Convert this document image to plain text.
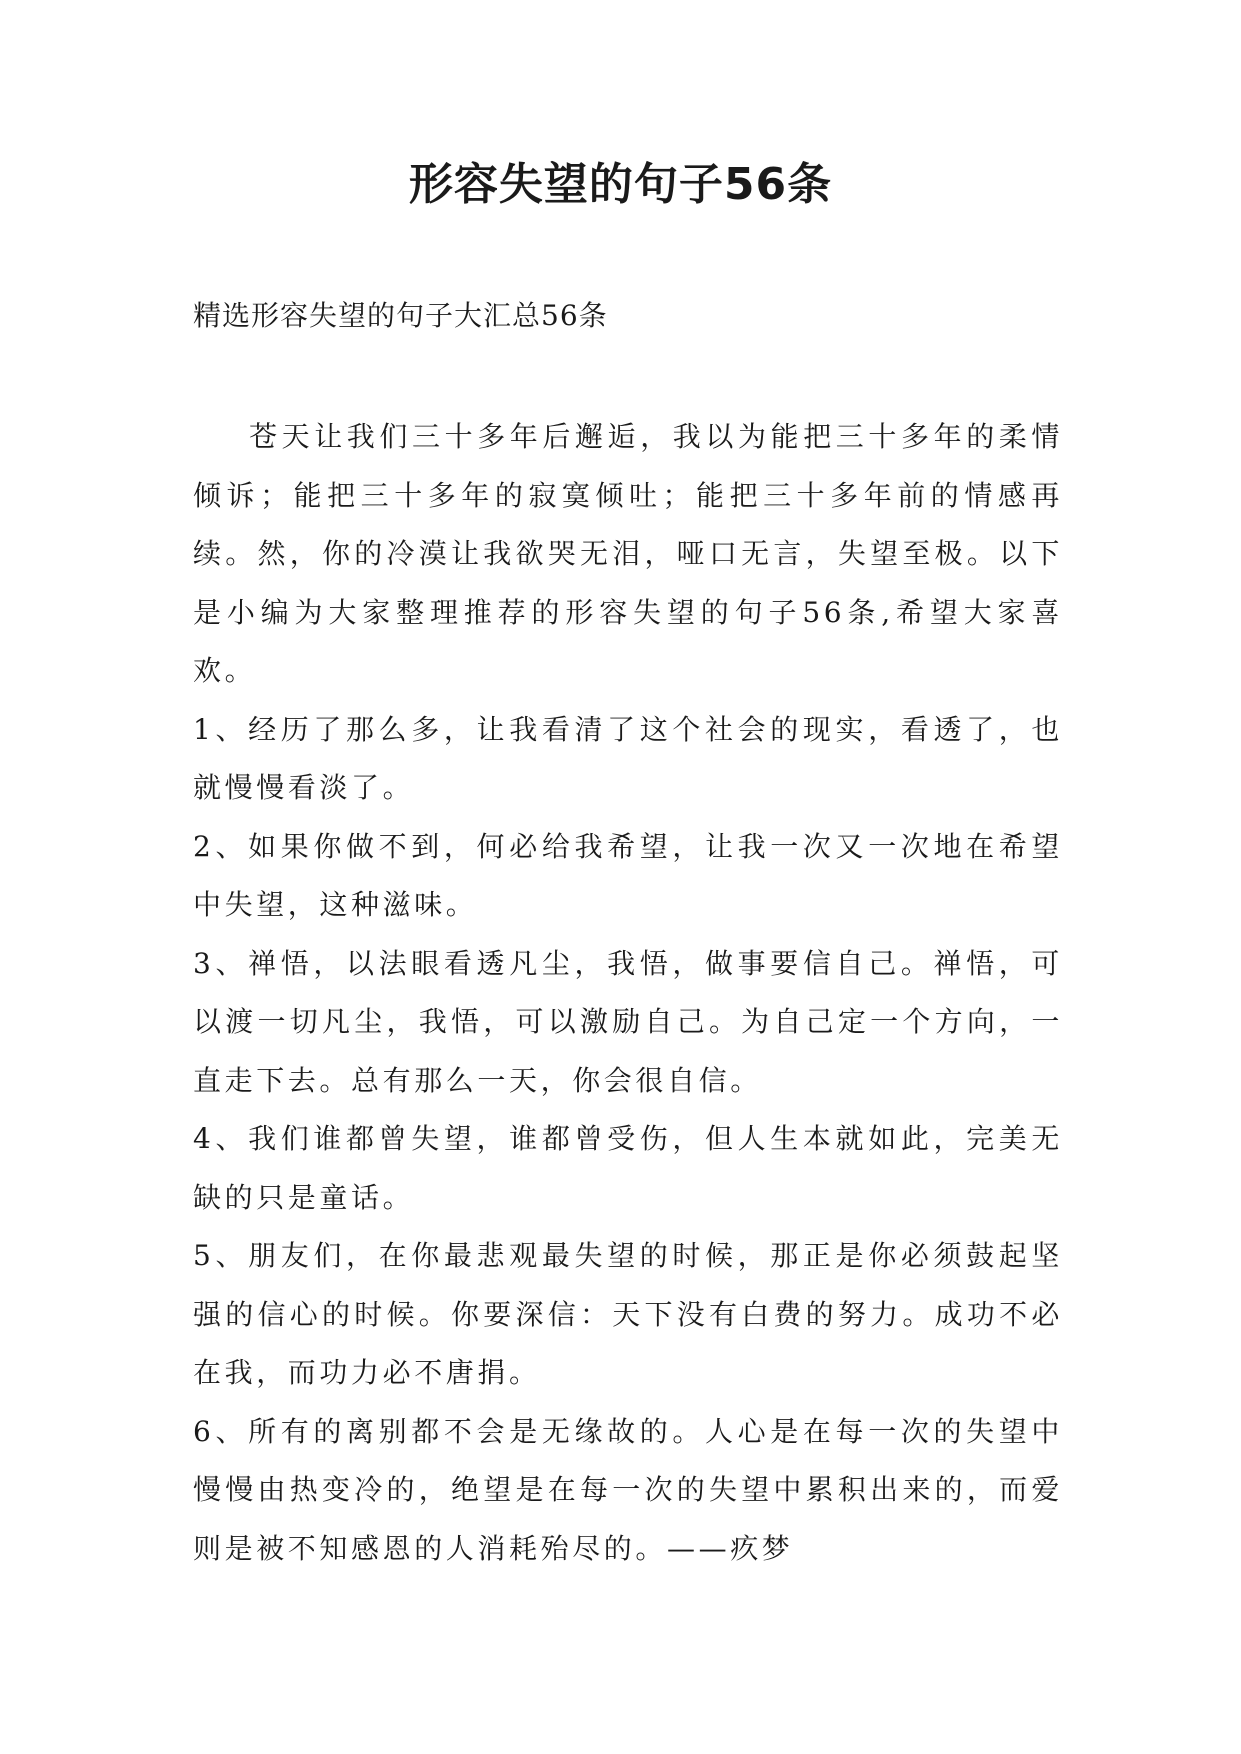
形容失望的句子56条
精选形容失望的句子大汇总56条

苍天让我们三十多年后邂逅，我以为能把三十多年的柔情倾诉；能把三十多年的寂寞倾吐；能把三十多年前的情感再续。然，你的冷漠让我欲哭无泪，哑口无言，失望至极。以下是小编为大家整理推荐的形容失望的句子56条,希望大家喜欢。

1、经历了那么多，让我看清了这个社会的现实，看透了，也就慢慢看淡了。

2、如果你做不到，何必给我希望，让我一次又一次地在希望中失望，这种滋味。

3、禅悟，以法眼看透凡尘，我悟，做事要信自己。禅悟，可以渡一切凡尘，我悟，可以激励自己。为自己定一个方向，一直走下去。总有那么一天，你会很自信。

4、我们谁都曾失望，谁都曾受伤，但人生本就如此，完美无缺的只是童话。

5、朋友们，在你最悲观最失望的时候，那正是你必须鼓起坚强的信心的时候。你要深信：天下没有白费的努力。成功不必在我，而功力必不唐捐。

6、所有的离别都不会是无缘故的。人心是在每一次的失望中慢慢由热变冷的，绝望是在每一次的失望中累积出来的，而爱则是被不知感恩的人消耗殆尽的。——疚梦
